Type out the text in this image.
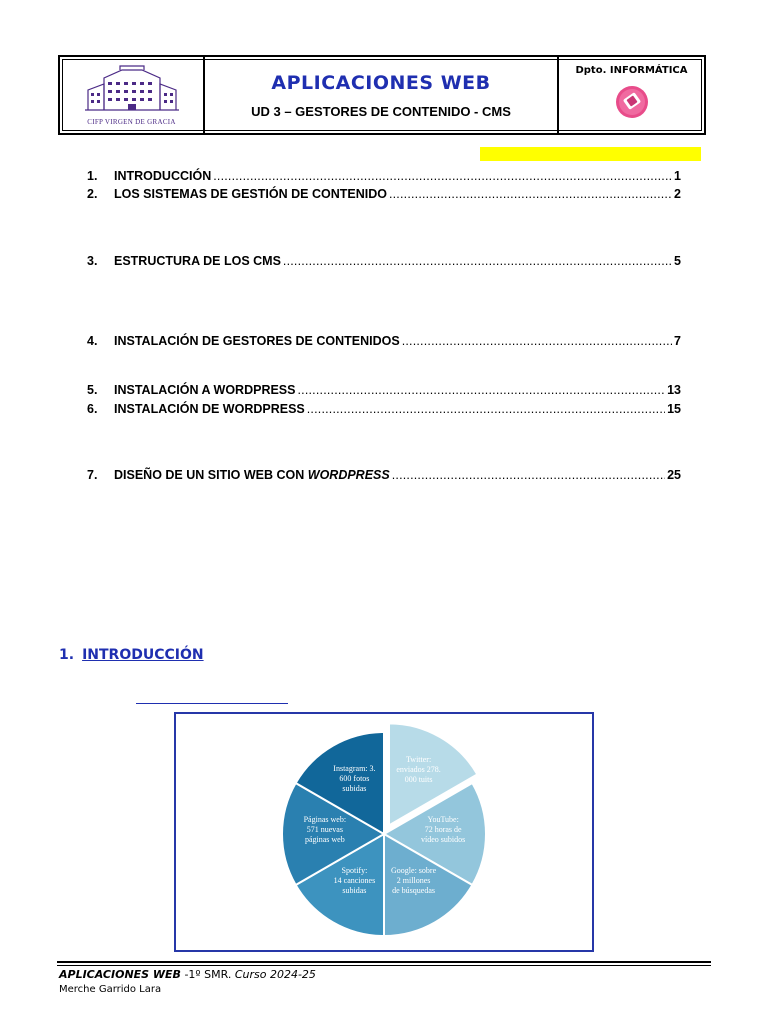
CIFP VIRGEN DE GRACIA
APLICACIONES WEB
UD 3 – GESTORES DE CONTENIDO - CMS
Dpto. INFORMÁTICA
1.	INTRODUCCIÓN .....	1
2.	LOS SISTEMAS DE GESTIÓN DE CONTENIDO .....	2
3.	ESTRUCTURA DE LOS CMS .....	5
4.	INSTALACIÓN DE GESTORES DE CONTENIDOS .....	7
5.	INSTALACIÓN A WORDPRESS .....	13
6.	INSTALACIÓN DE WORDPRESS .....	15
7.	DISEÑO DE UN SITIO WEB CON WORDPRESS .....	25
1. INTRODUCCIÓN
Twitter: enviados 278. 000 tuits
YouTube: 72 horas de vídeo subidos
Google: sobre 2 millones de búsquedas
Spotify: 14 canciones subidas
Páginas web: 571 nuevas páginas web
Instagram: 3. 600 fotos subidas
APLICACIONES WEB -1º SMR. Curso 2024-25
Merche Garrido Lara
